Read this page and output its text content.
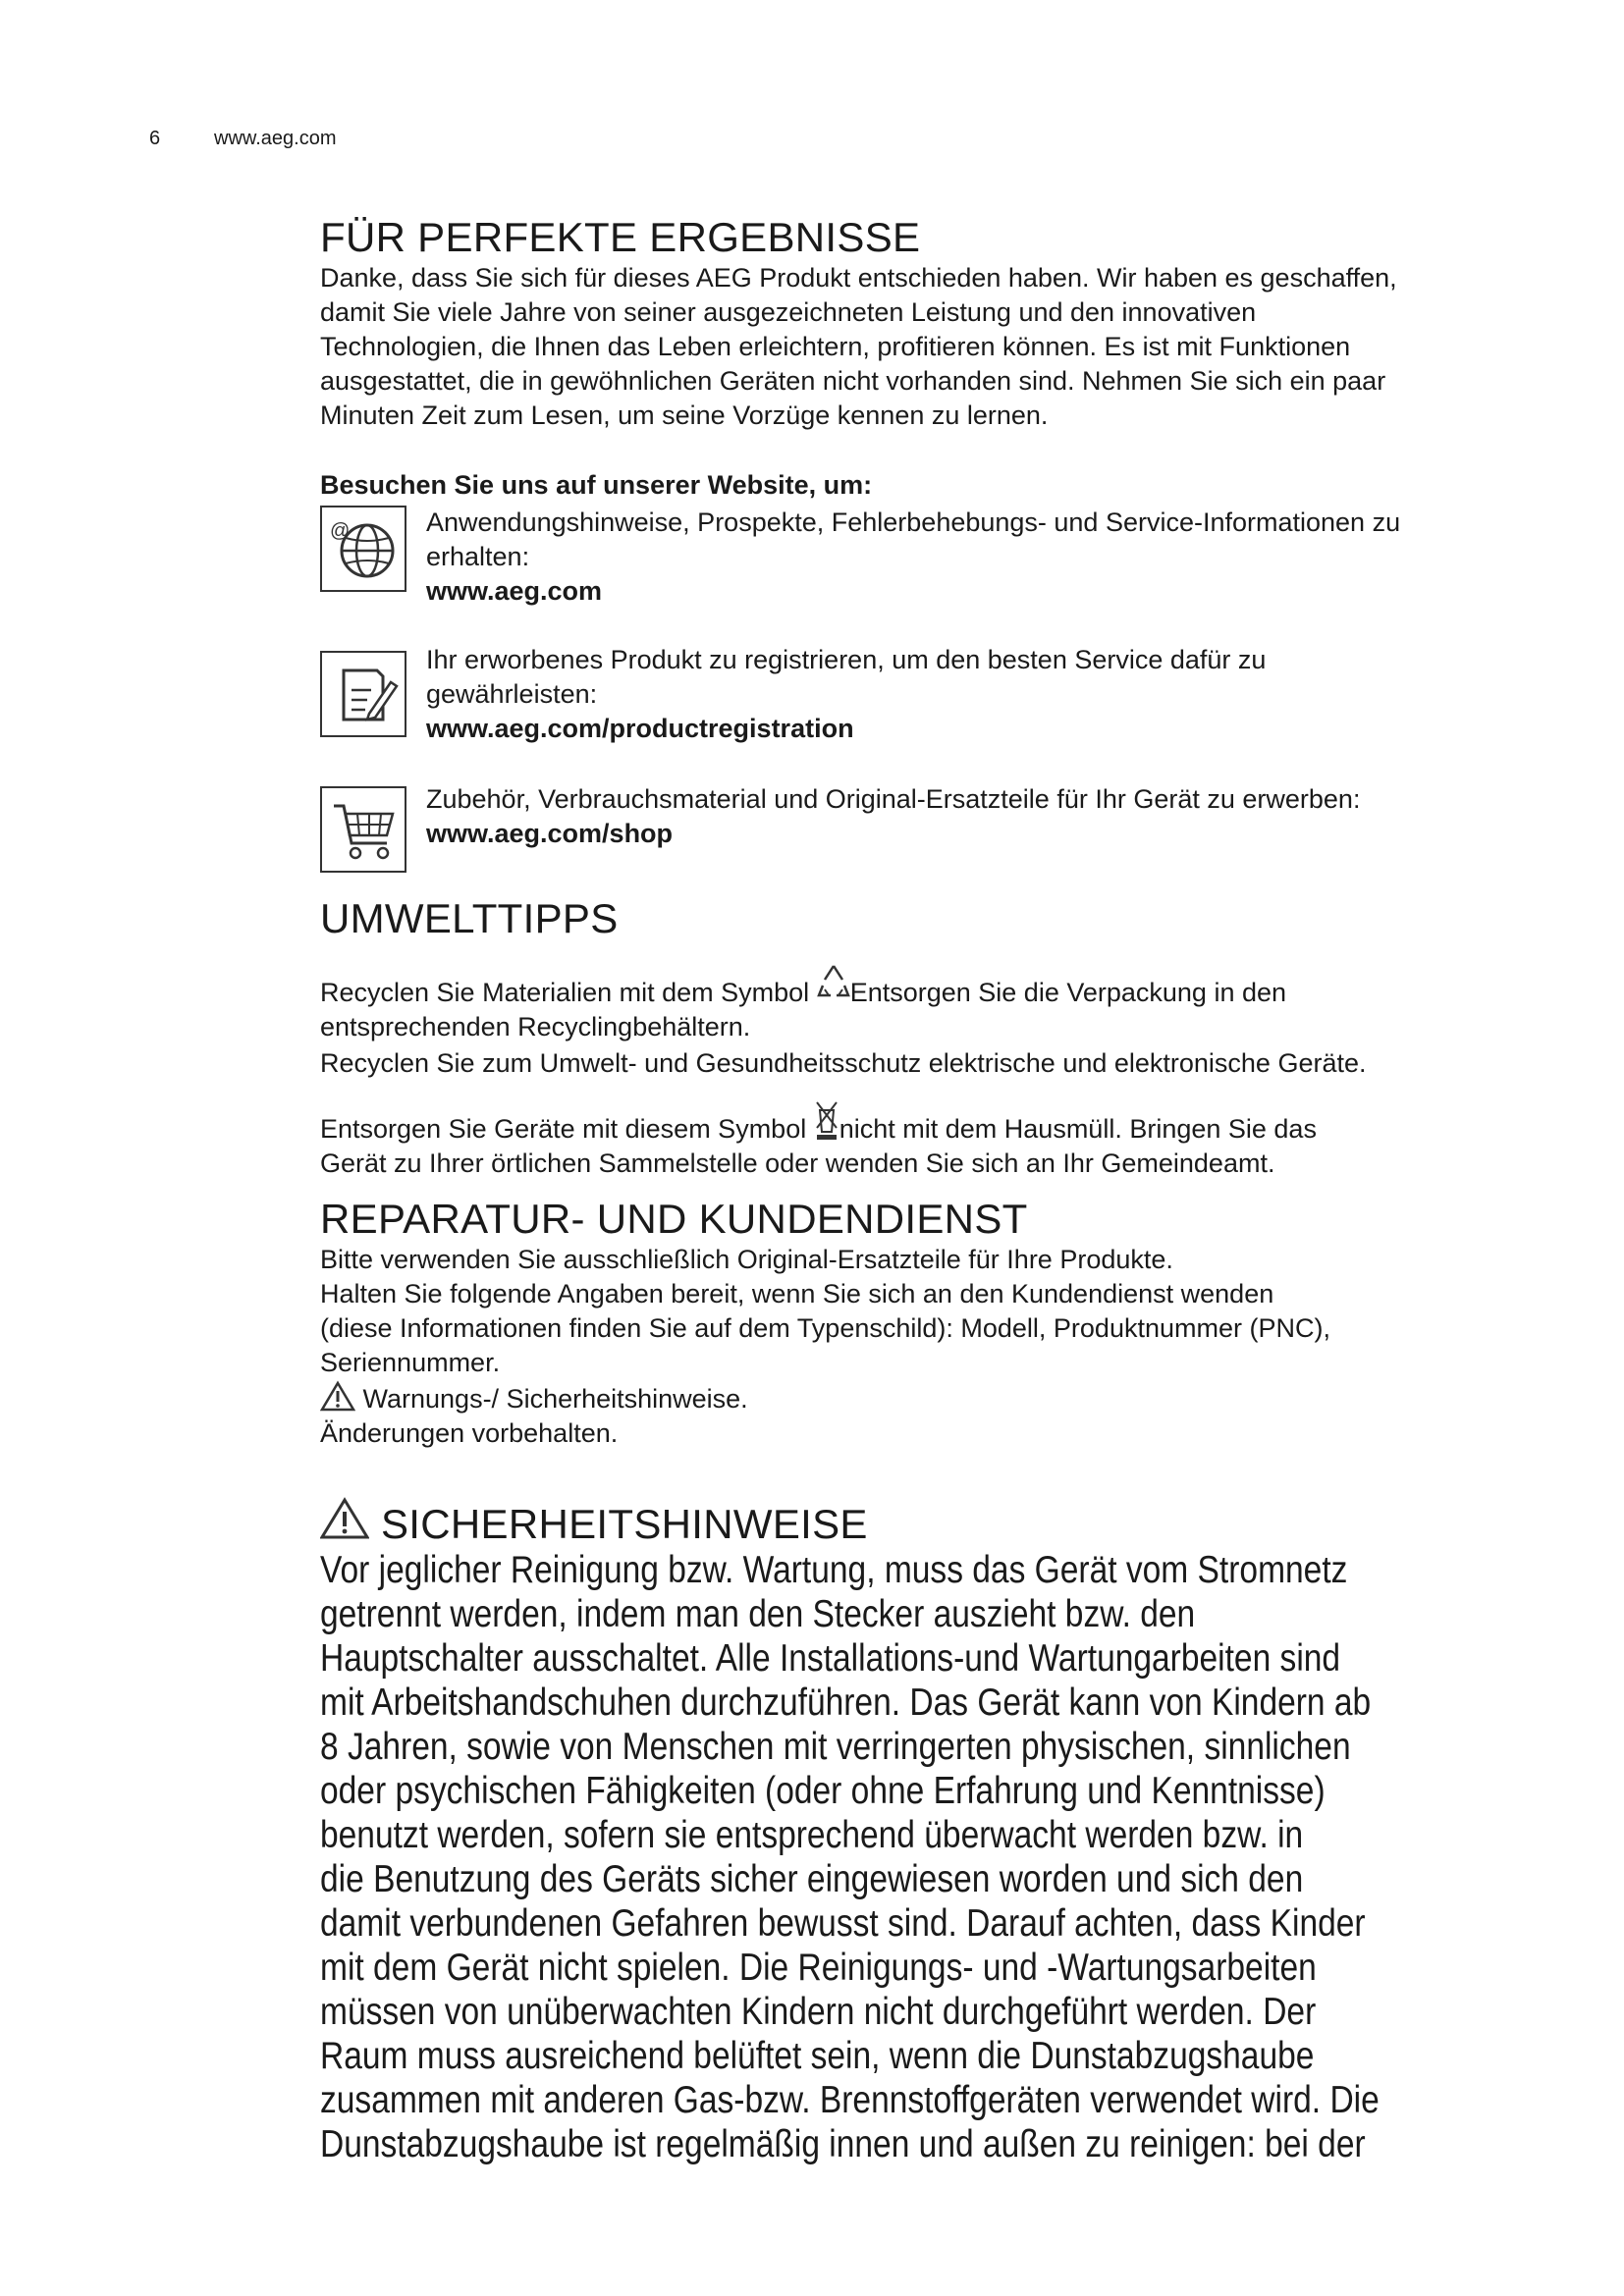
6	www.aeg.com
FÜR PERFEKTE ERGEBNISSE

Danke, dass Sie sich für dieses AEG Produkt entschieden haben. Wir haben es geschaffen,

damit Sie viele Jahre von seiner ausgezeichneten Leistung und den innovativen

Technologien, die Ihnen das Leben erleichtern, profitieren können. Es ist mit Funktionen

ausgestattet, die in gewöhnlichen Geräten nicht vorhanden sind. Nehmen Sie sich ein paar

Minuten Zeit zum Lesen, um seine Vorzüge kennen zu lernen.

Besuchen Sie uns auf unserer Website, um:
@	Anwendungshinweise, Prospekte, Fehlerbehebungs- und Service-Informationen zu

erhalten:

www.aeg.com

Ihr erworbenes Produkt zu registrieren, um den besten Service dafür zu

gewährleisten:

www.aeg.com/productregistration

Zubehör, Verbrauchsmaterial und Original-Ersatzteile für Ihr Gerät zu erwerben:

www.aeg.com/shop
UMWELTTIPPS

Recyclen Sie Materialien mit dem Symbol Entsorgen Sie die Verpackung in den

entsprechenden Recyclingbehältern.

Recyclen Sie zum Umwelt- und Gesundheitsschutz elektrische und elektronische Geräte.

Entsorgen Sie Geräte mit diesem Symbol nicht mit dem Hausmüll. Bringen Sie das

Gerät zu Ihrer örtlichen Sammelstelle oder wenden Sie sich an Ihr Gemeindeamt.

REPARATUR- UND KUNDENDIENST

Bitte verwenden Sie ausschließlich Original-Ersatzteile für Ihre Produkte.

Halten Sie folgende Angaben bereit, wenn Sie sich an den Kundendienst wenden

(diese Informationen finden Sie auf dem Typenschild): Modell, Produktnummer (PNC),

Seriennummer.

Warnungs-/ Sicherheitshinweise.

Änderungen vorbehalten.

SICHERHEITSHINWEISE
Vor jeglicher Reinigung bzw. Wartung, muss das Gerät vom Stromnetz
getrennt werden, indem man den Stecker auszieht bzw. den
Hauptschalter ausschaltet. Alle Installations-und Wartungarbeiten sind
mit Arbeitshandschuhen durchzuführen. Das Gerät kann von Kindern ab
8 Jahren, sowie von Menschen mit verringerten physischen, sinnlichen
oder psychischen Fähigkeiten (oder ohne Erfahrung und Kenntnisse)
benutzt werden, sofern sie entsprechend überwacht werden bzw. in
die Benutzung des Geräts sicher eingewiesen worden und sich den
damit verbundenen Gefahren bewusst sind. Darauf achten, dass Kinder
mit dem Gerät nicht spielen. Die Reinigungs- und -Wartungsarbeiten
müssen von unüberwachten Kindern nicht durchgeführt werden. Der
Raum muss ausreichend belüftet sein, wenn die Dunstabzugshaube
zusammen mit anderen Gas-bzw. Brennstoffgeräten verwendet wird. Die
Dunstabzugshaube ist regelmäßig innen und außen zu reinigen: bei der
